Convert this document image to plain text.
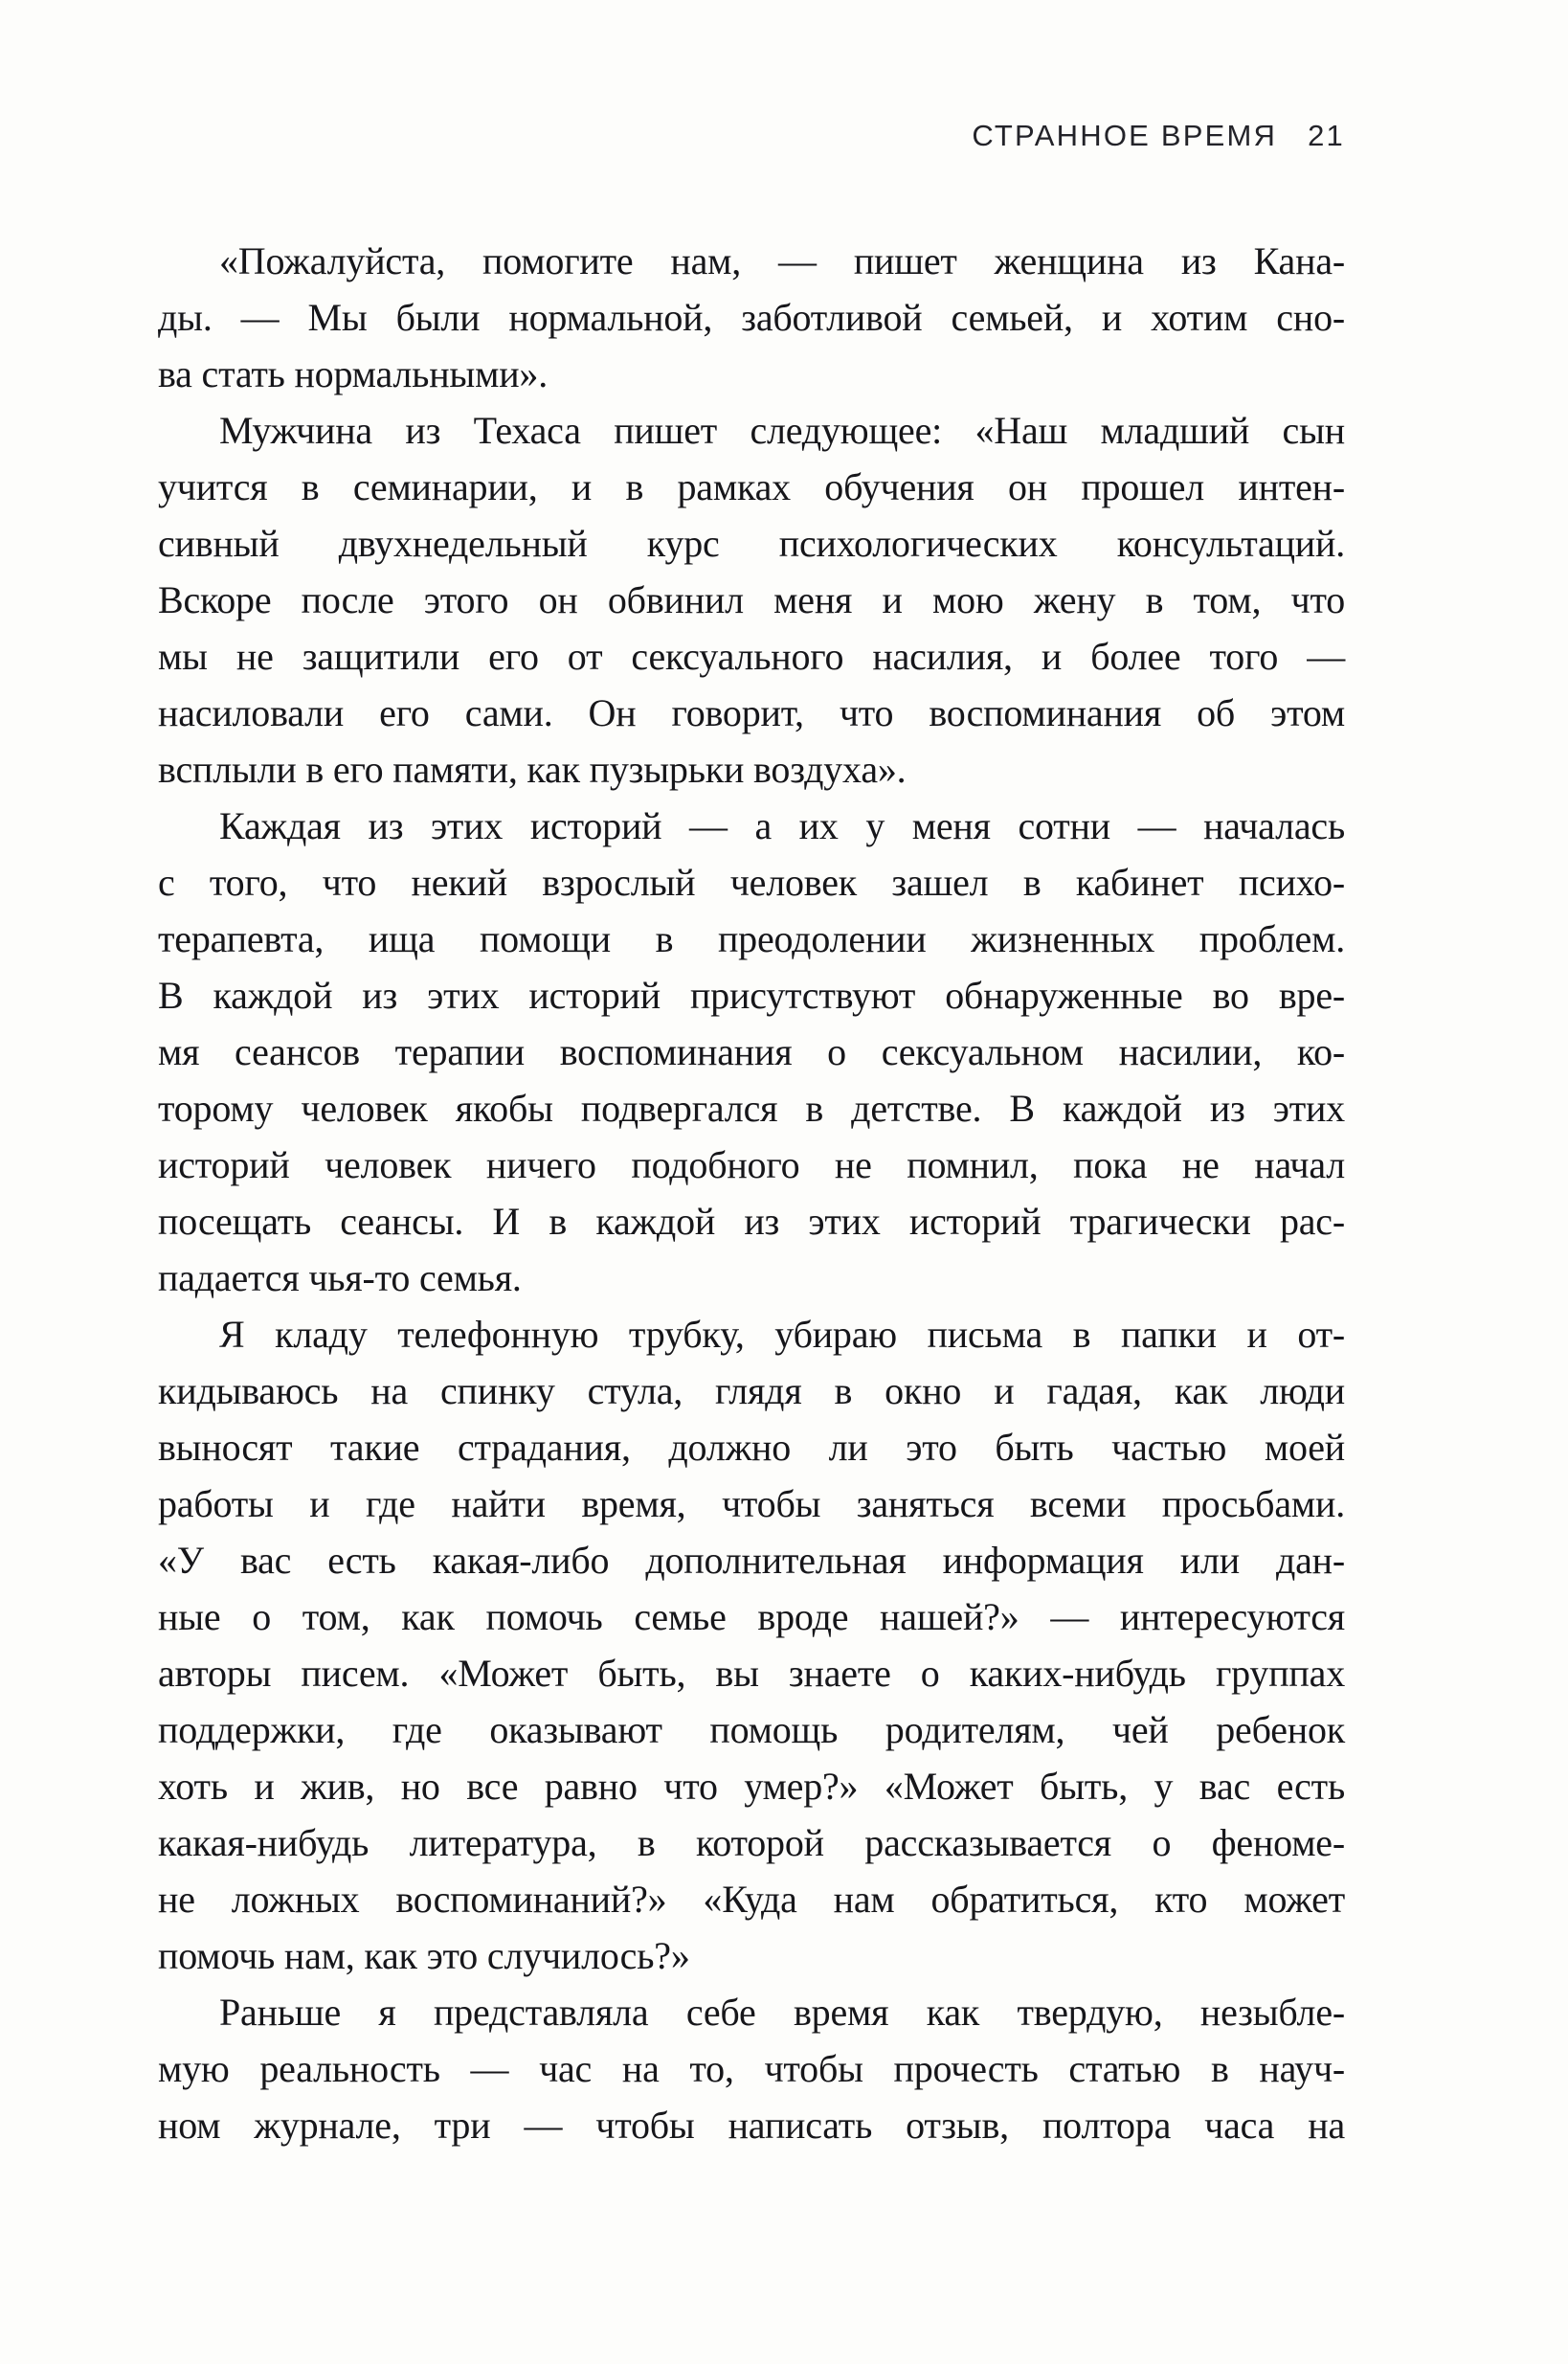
СТРАННОЕ ВРЕМЯ 21
«Пожалуйста, помогите нам, — пишет женщина из Кана-
ды. — Мы были нормальной, заботливой семьей, и хотим сно-
ва стать нормальными».
Мужчина из Техаса пишет следующее: «Наш младший сын
учится в семинарии, и в рамках обучения он прошел интен-
сивный двухнедельный курс психологических консультаций.
Вскоре после этого он обвинил меня и мою жену в том, что
мы не защитили его от сексуального насилия, и более того —
насиловали его сами. Он говорит, что воспоминания об этом
всплыли в его памяти, как пузырьки воздуха».
Каждая из этих историй — а их у меня сотни — началась
с того, что некий взрослый человек зашел в кабинет психо-
терапевта, ища помощи в преодолении жизненных проблем.
В каждой из этих историй присутствуют обнаруженные во вре-
мя сеансов терапии воспоминания о сексуальном насилии, ко-
торому человек якобы подвергался в детстве. В каждой из этих
историй человек ничего подобного не помнил, пока не начал
посещать сеансы. И в каждой из этих историй трагически рас-
падается чья-то семья.
Я кладу телефонную трубку, убираю письма в папки и от-
кидываюсь на спинку стула, глядя в окно и гадая, как люди
выносят такие страдания, должно ли это быть частью моей
работы и где найти время, чтобы заняться всеми просьбами.
«У вас есть какая-либо дополнительная информация или дан-
ные о том, как помочь семье вроде нашей?» — интересуются
авторы писем. «Может быть, вы знаете о каких-нибудь группах
поддержки, где оказывают помощь родителям, чей ребенок
хоть и жив, но все равно что умер?» «Может быть, у вас есть
какая-нибудь литература, в которой рассказывается о феноме-
не ложных воспоминаний?» «Куда нам обратиться, кто может
помочь нам, как это случилось?»
Раньше я представляла себе время как твердую, незыбле-
мую реальность — час на то, чтобы прочесть статью в науч-
ном журнале, три — чтобы написать отзыв, полтора часа на
